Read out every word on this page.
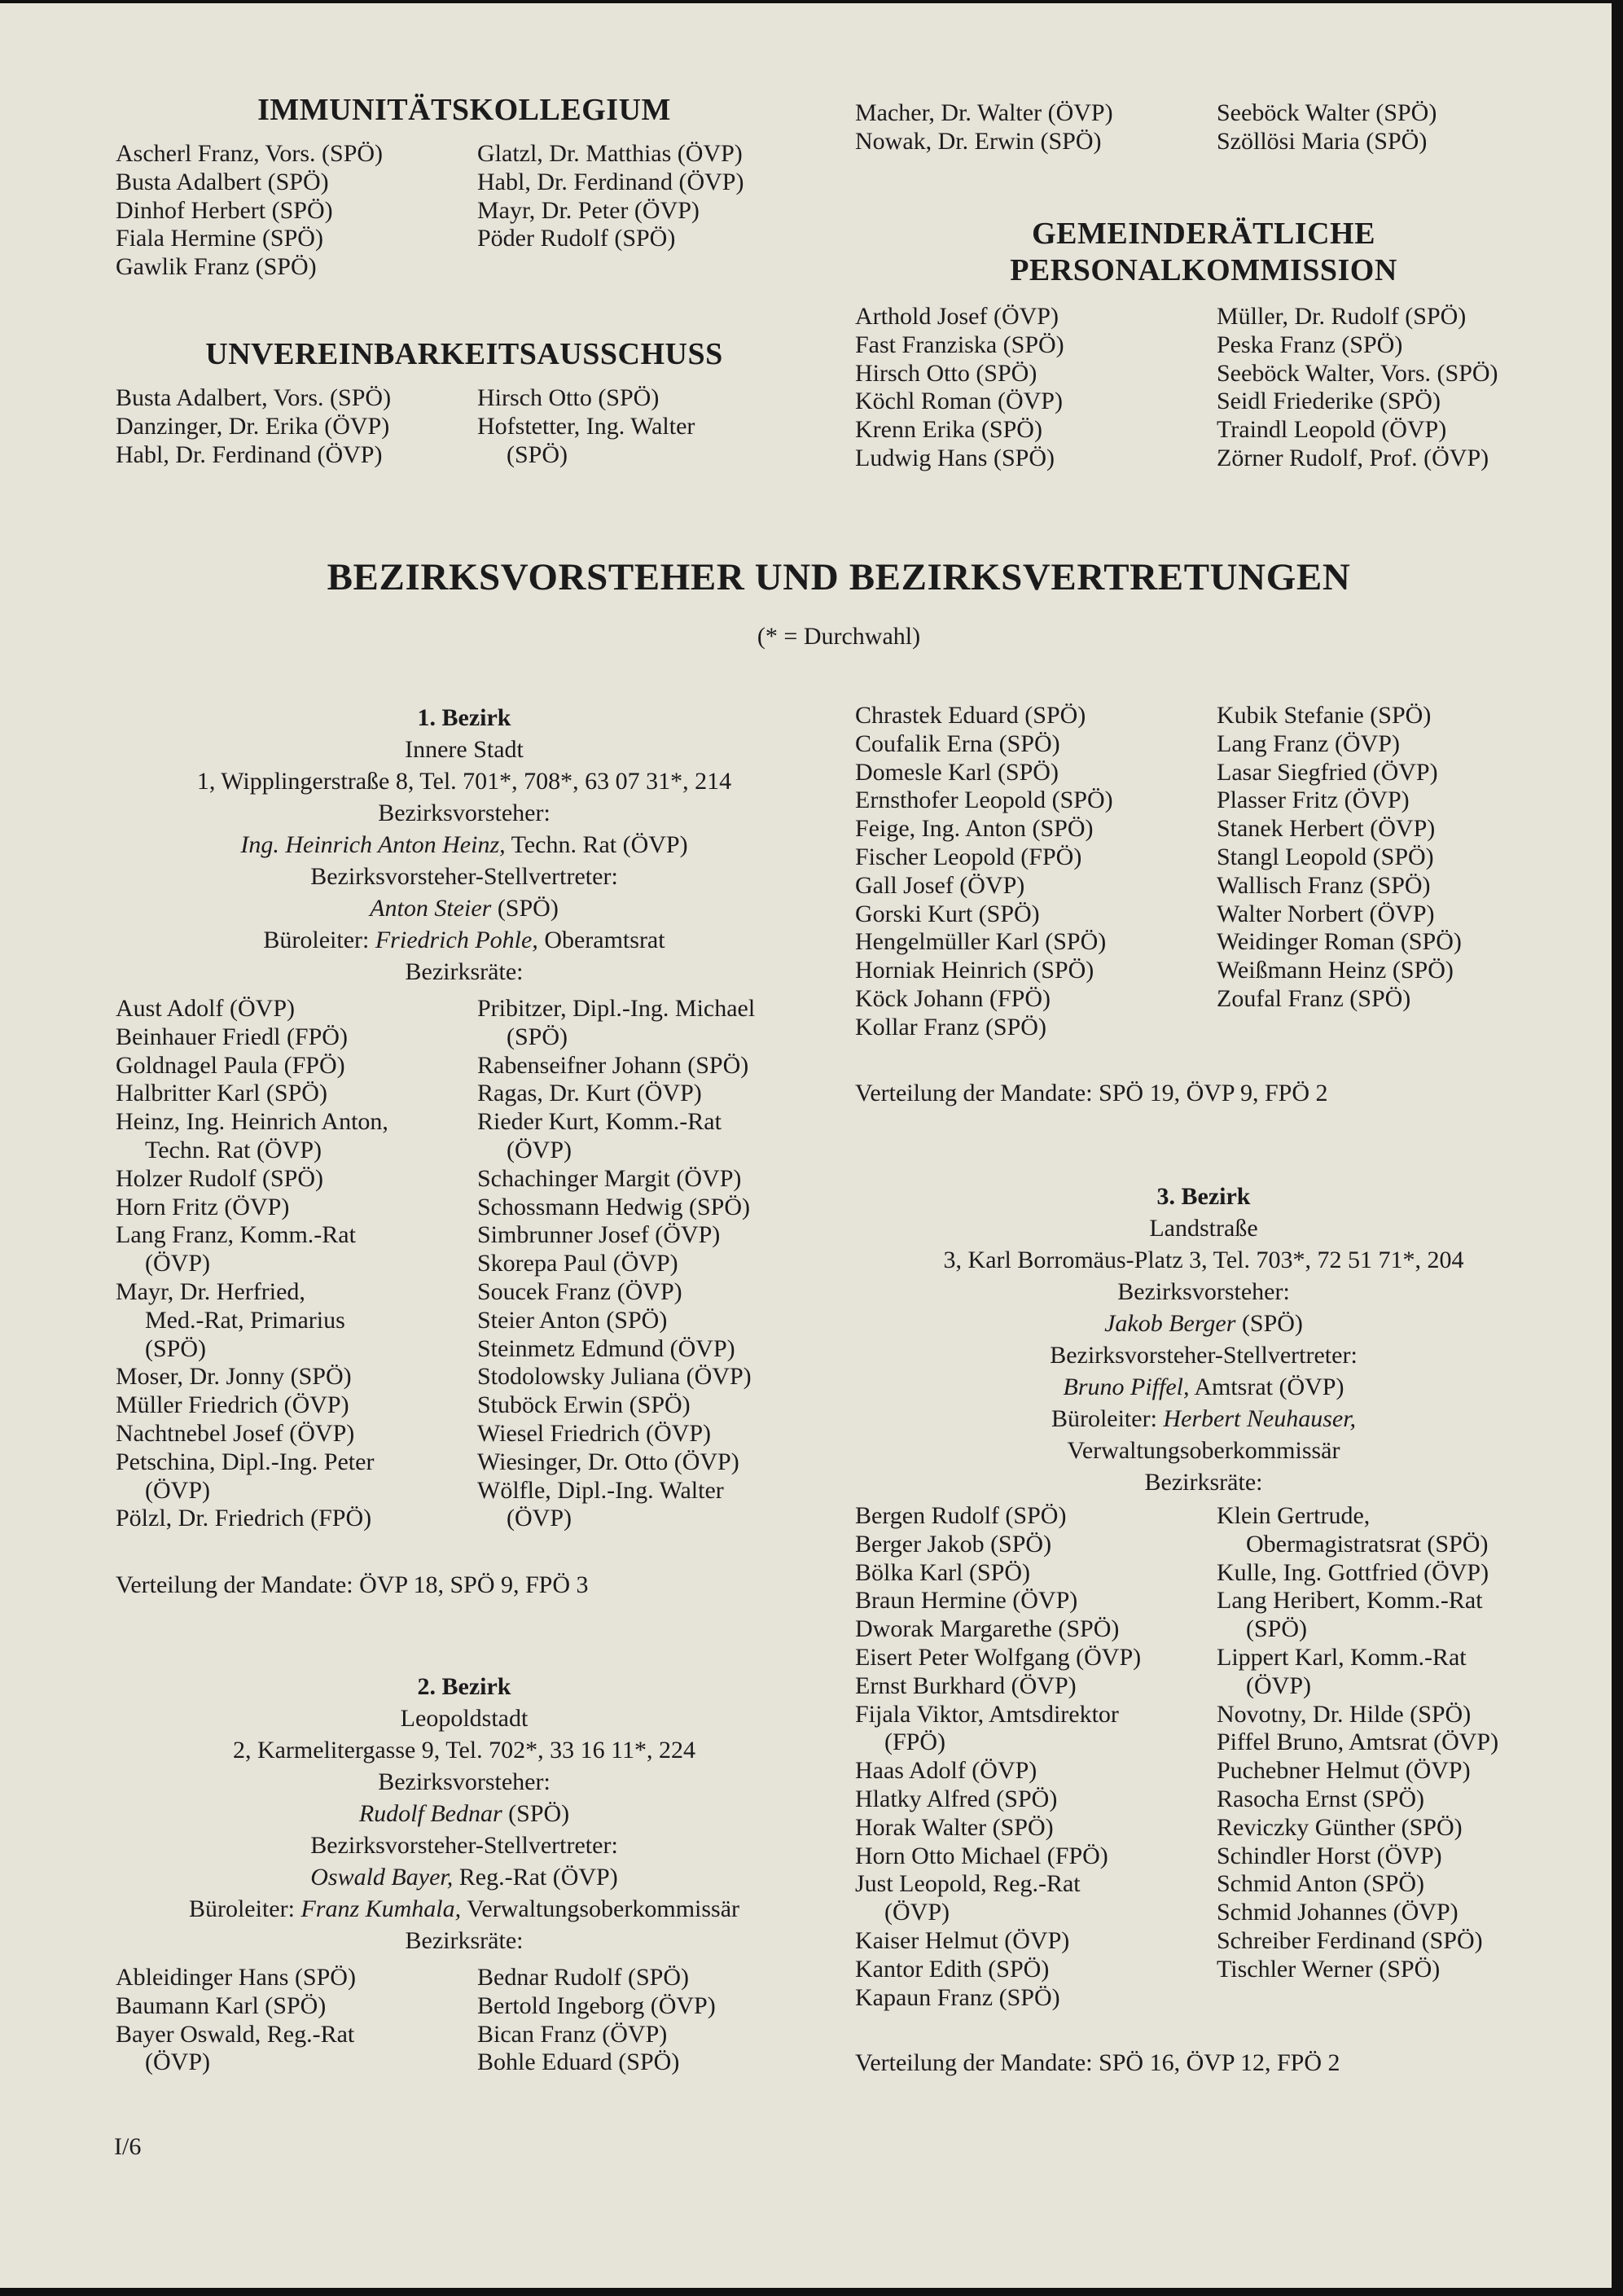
IMMUNITÄTSKOLLEGIUM
Ascherl Franz, Vors. (SPÖ)
Busta Adalbert (SPÖ)
Dinhof Herbert (SPÖ)
Fiala Hermine (SPÖ)
Gawlik Franz (SPÖ)
Glatzl, Dr. Matthias (ÖVP)
Habl, Dr. Ferdinand (ÖVP)
Mayr, Dr. Peter (ÖVP)
Pöder Rudolf (SPÖ)
UNVEREINBARKEITSAUSSCHUSS
Busta Adalbert, Vors. (SPÖ)
Danzinger, Dr. Erika (ÖVP)
Habl, Dr. Ferdinand (ÖVP)
Hirsch Otto (SPÖ)
Hofstetter, Ing. Walter
(SPÖ)
Macher, Dr. Walter (ÖVP)
Nowak, Dr. Erwin (SPÖ)
Seeböck Walter (SPÖ)
Szöllösi Maria (SPÖ)
GEMEINDERÄTLICHE
PERSONALKOMMISSION
Arthold Josef (ÖVP)
Fast Franziska (SPÖ)
Hirsch Otto (SPÖ)
Köchl Roman (ÖVP)
Krenn Erika (SPÖ)
Ludwig Hans (SPÖ)
Müller, Dr. Rudolf (SPÖ)
Peska Franz (SPÖ)
Seeböck Walter, Vors. (SPÖ)
Seidl Friederike (SPÖ)
Traindl Leopold (ÖVP)
Zörner Rudolf, Prof. (ÖVP)
BEZIRKSVORSTEHER UND BEZIRKSVERTRETUNGEN
(* = Durchwahl)
1. Bezirk
Innere Stadt
1, Wipplingerstraße 8, Tel. 701*, 708*, 63 07 31*, 214
Bezirksvorsteher:
Ing. Heinrich Anton Heinz, Techn. Rat (ÖVP)
Bezirksvorsteher-Stellvertreter:
Anton Steier (SPÖ)
Büroleiter: Friedrich Pohle, Oberamtsrat
Bezirksräte:
Aust Adolf (ÖVP)
Beinhauer Friedl (FPÖ)
Goldnagel Paula (FPÖ)
Halbritter Karl (SPÖ)
Heinz, Ing. Heinrich Anton,
Techn. Rat (ÖVP)
Holzer Rudolf (SPÖ)
Horn Fritz (ÖVP)
Lang Franz, Komm.-Rat
(ÖVP)
Mayr, Dr. Herfried,
Med.-Rat, Primarius
(SPÖ)
Moser, Dr. Jonny (SPÖ)
Müller Friedrich (ÖVP)
Nachtnebel Josef (ÖVP)
Petschina, Dipl.-Ing. Peter
(ÖVP)
Pölzl, Dr. Friedrich (FPÖ)
Pribitzer, Dipl.-Ing. Michael
(SPÖ)
Rabenseifner Johann (SPÖ)
Ragas, Dr. Kurt (ÖVP)
Rieder Kurt, Komm.-Rat
(ÖVP)
Schachinger Margit (ÖVP)
Schossmann Hedwig (SPÖ)
Simbrunner Josef (ÖVP)
Skorepa Paul (ÖVP)
Soucek Franz (ÖVP)
Steier Anton (SPÖ)
Steinmetz Edmund (ÖVP)
Stodolowsky Juliana (ÖVP)
Stuböck Erwin (SPÖ)
Wiesel Friedrich (ÖVP)
Wiesinger, Dr. Otto (ÖVP)
Wölfle, Dipl.-Ing. Walter
(ÖVP)
Verteilung der Mandate: ÖVP 18, SPÖ 9, FPÖ 3
2. Bezirk
Leopoldstadt
2, Karmelitergasse 9, Tel. 702*, 33 16 11*, 224
Bezirksvorsteher:
Rudolf Bednar (SPÖ)
Bezirksvorsteher-Stellvertreter:
Oswald Bayer, Reg.-Rat (ÖVP)
Büroleiter: Franz Kumhala, Verwaltungsoberkommissär
Bezirksräte:
Ableidinger Hans (SPÖ)
Baumann Karl (SPÖ)
Bayer Oswald, Reg.-Rat
(ÖVP)
Bednar Rudolf (SPÖ)
Bertold Ingeborg (ÖVP)
Bican Franz (ÖVP)
Bohle Eduard (SPÖ)
Chrastek Eduard (SPÖ)
Coufalik Erna (SPÖ)
Domesle Karl (SPÖ)
Ernsthofer Leopold (SPÖ)
Feige, Ing. Anton (SPÖ)
Fischer Leopold (FPÖ)
Gall Josef (ÖVP)
Gorski Kurt (SPÖ)
Hengelmüller Karl (SPÖ)
Horniak Heinrich (SPÖ)
Köck Johann (FPÖ)
Kollar Franz (SPÖ)
Kubik Stefanie (SPÖ)
Lang Franz (ÖVP)
Lasar Siegfried (ÖVP)
Plasser Fritz (ÖVP)
Stanek Herbert (ÖVP)
Stangl Leopold (SPÖ)
Wallisch Franz (SPÖ)
Walter Norbert (ÖVP)
Weidinger Roman (SPÖ)
Weißmann Heinz (SPÖ)
Zoufal Franz (SPÖ)
Verteilung der Mandate: SPÖ 19, ÖVP 9, FPÖ 2
3. Bezirk
Landstraße
3, Karl Borromäus-Platz 3, Tel. 703*, 72 51 71*, 204
Bezirksvorsteher:
Jakob Berger (SPÖ)
Bezirksvorsteher-Stellvertreter:
Bruno Piffel, Amtsrat (ÖVP)
Büroleiter: Herbert Neuhauser,
Verwaltungsoberkommissär
Bezirksräte:
Bergen Rudolf (SPÖ)
Berger Jakob (SPÖ)
Bölka Karl (SPÖ)
Braun Hermine (ÖVP)
Dworak Margarethe (SPÖ)
Eisert Peter Wolfgang (ÖVP)
Ernst Burkhard (ÖVP)
Fijala Viktor, Amtsdirektor
(FPÖ)
Haas Adolf (ÖVP)
Hlatky Alfred (SPÖ)
Horak Walter (SPÖ)
Horn Otto Michael (FPÖ)
Just Leopold, Reg.-Rat
(ÖVP)
Kaiser Helmut (ÖVP)
Kantor Edith (SPÖ)
Kapaun Franz (SPÖ)
Klein Gertrude,
Obermagistratsrat (SPÖ)
Kulle, Ing. Gottfried (ÖVP)
Lang Heribert, Komm.-Rat
(SPÖ)
Lippert Karl, Komm.-Rat
(ÖVP)
Novotny, Dr. Hilde (SPÖ)
Piffel Bruno, Amtsrat (ÖVP)
Puchebner Helmut (ÖVP)
Rasocha Ernst (SPÖ)
Reviczky Günther (SPÖ)
Schindler Horst (ÖVP)
Schmid Anton (SPÖ)
Schmid Johannes (ÖVP)
Schreiber Ferdinand (SPÖ)
Tischler Werner (SPÖ)
Verteilung der Mandate: SPÖ 16, ÖVP 12, FPÖ 2
I/6
